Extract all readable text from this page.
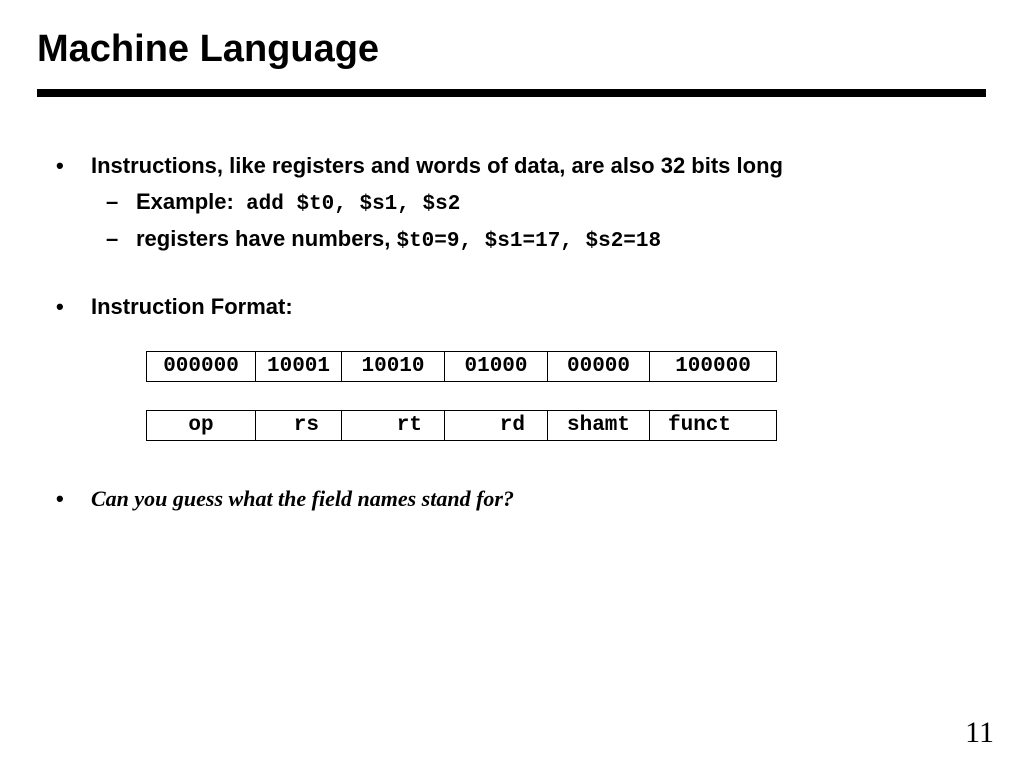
Machine Language
• Instructions, like registers and words of data, are also 32 bits long
– Example: add $t0, $s1, $s2
– registers have numbers, $t0=9, $s1=17, $s2=18
• Instruction Format:
000000	10001	10010	01000	00000	100000
op	rs	rt	rd	shamt	funct
• Can you guess what the field names stand for?
11
